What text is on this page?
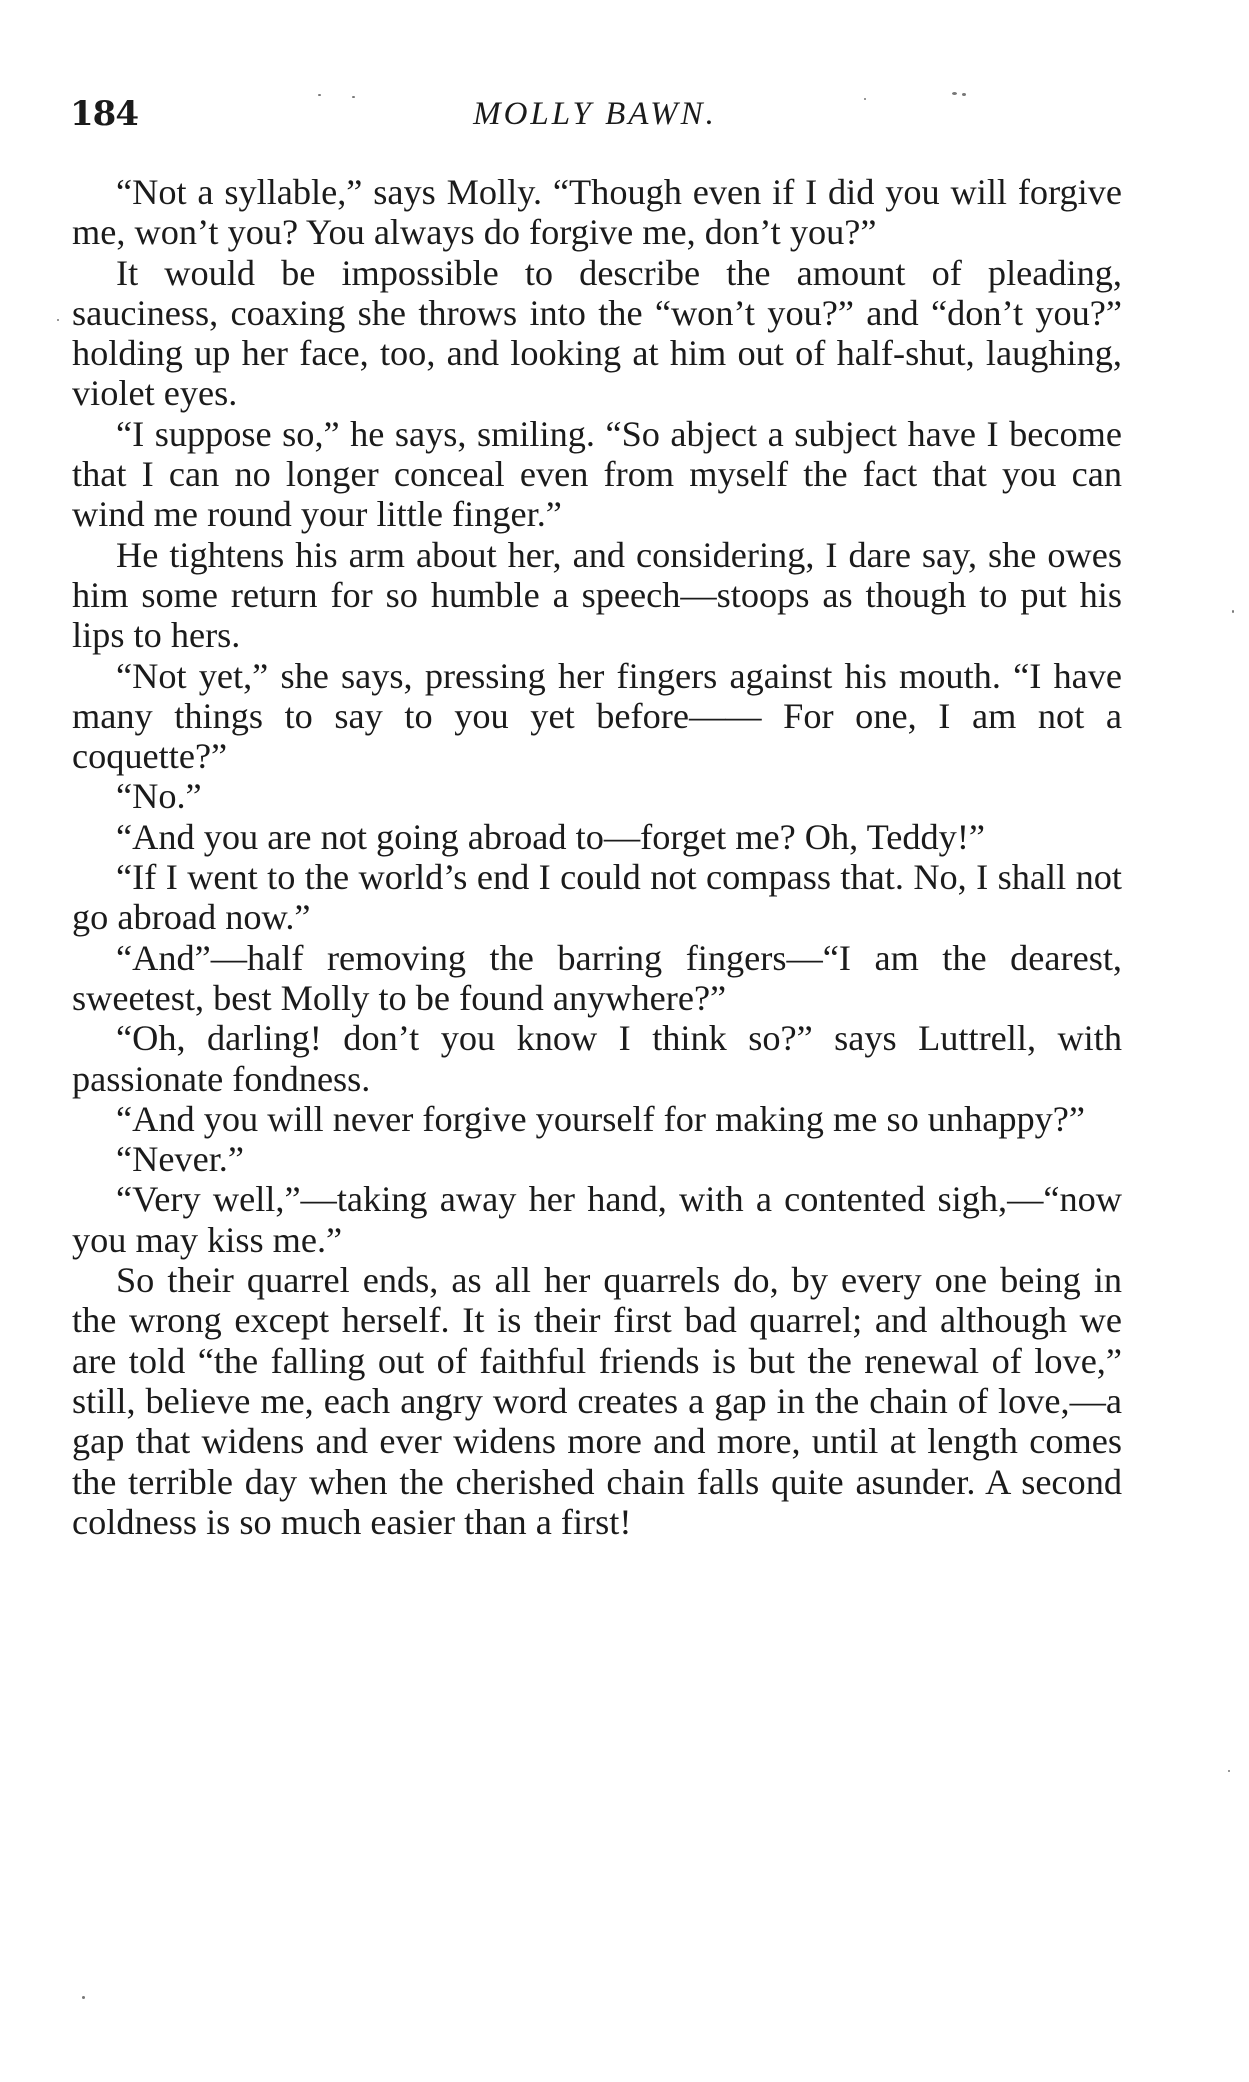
184	MOLLY BAWN.

“Not a syllable,” says Molly. “Though even if I did you will forgive me, won’t you? You always do forgive me, don’t you?”

It would be impossible to describe the amount of pleading, sauciness, coaxing she throws into the “won’t you?” and “don’t you?” holding up her face, too, and looking at him out of half-shut, laughing, violet eyes.

“I suppose so,” he says, smiling. “So abject a subject have I become that I can no longer conceal even from myself the fact that you can wind me round your little finger.”

He tightens his arm about her, and considering, I dare say, she owes him some return for so humble a speech—stoops as though to put his lips to hers.

“Not yet,” she says, pressing her fingers against his mouth. “I have many things to say to you yet before—— For one, I am not a coquette?”

“No.”

“And you are not going abroad to—forget me? Oh, Teddy!”

“If I went to the world’s end I could not compass that. No, I shall not go abroad now.”

“And”—half removing the barring fingers—“I am the dearest, sweetest, best Molly to be found anywhere?”

“Oh, darling! don’t you know I think so?” says Luttrell, with passionate fondness.

“And you will never forgive yourself for making me so unhappy?”

“Never.”

“Very well,”—taking away her hand, with a contented sigh,—“now you may kiss me.”

So their quarrel ends, as all her quarrels do, by every one being in the wrong except herself. It is their first bad quarrel; and although we are told “the falling out of faithful friends is but the renewal of love,” still, believe me, each angry word creates a gap in the chain of love,—a gap that widens and ever widens more and more, until at length comes the terrible day when the cherished chain falls quite asunder. A second coldness is so much easier than a first!
